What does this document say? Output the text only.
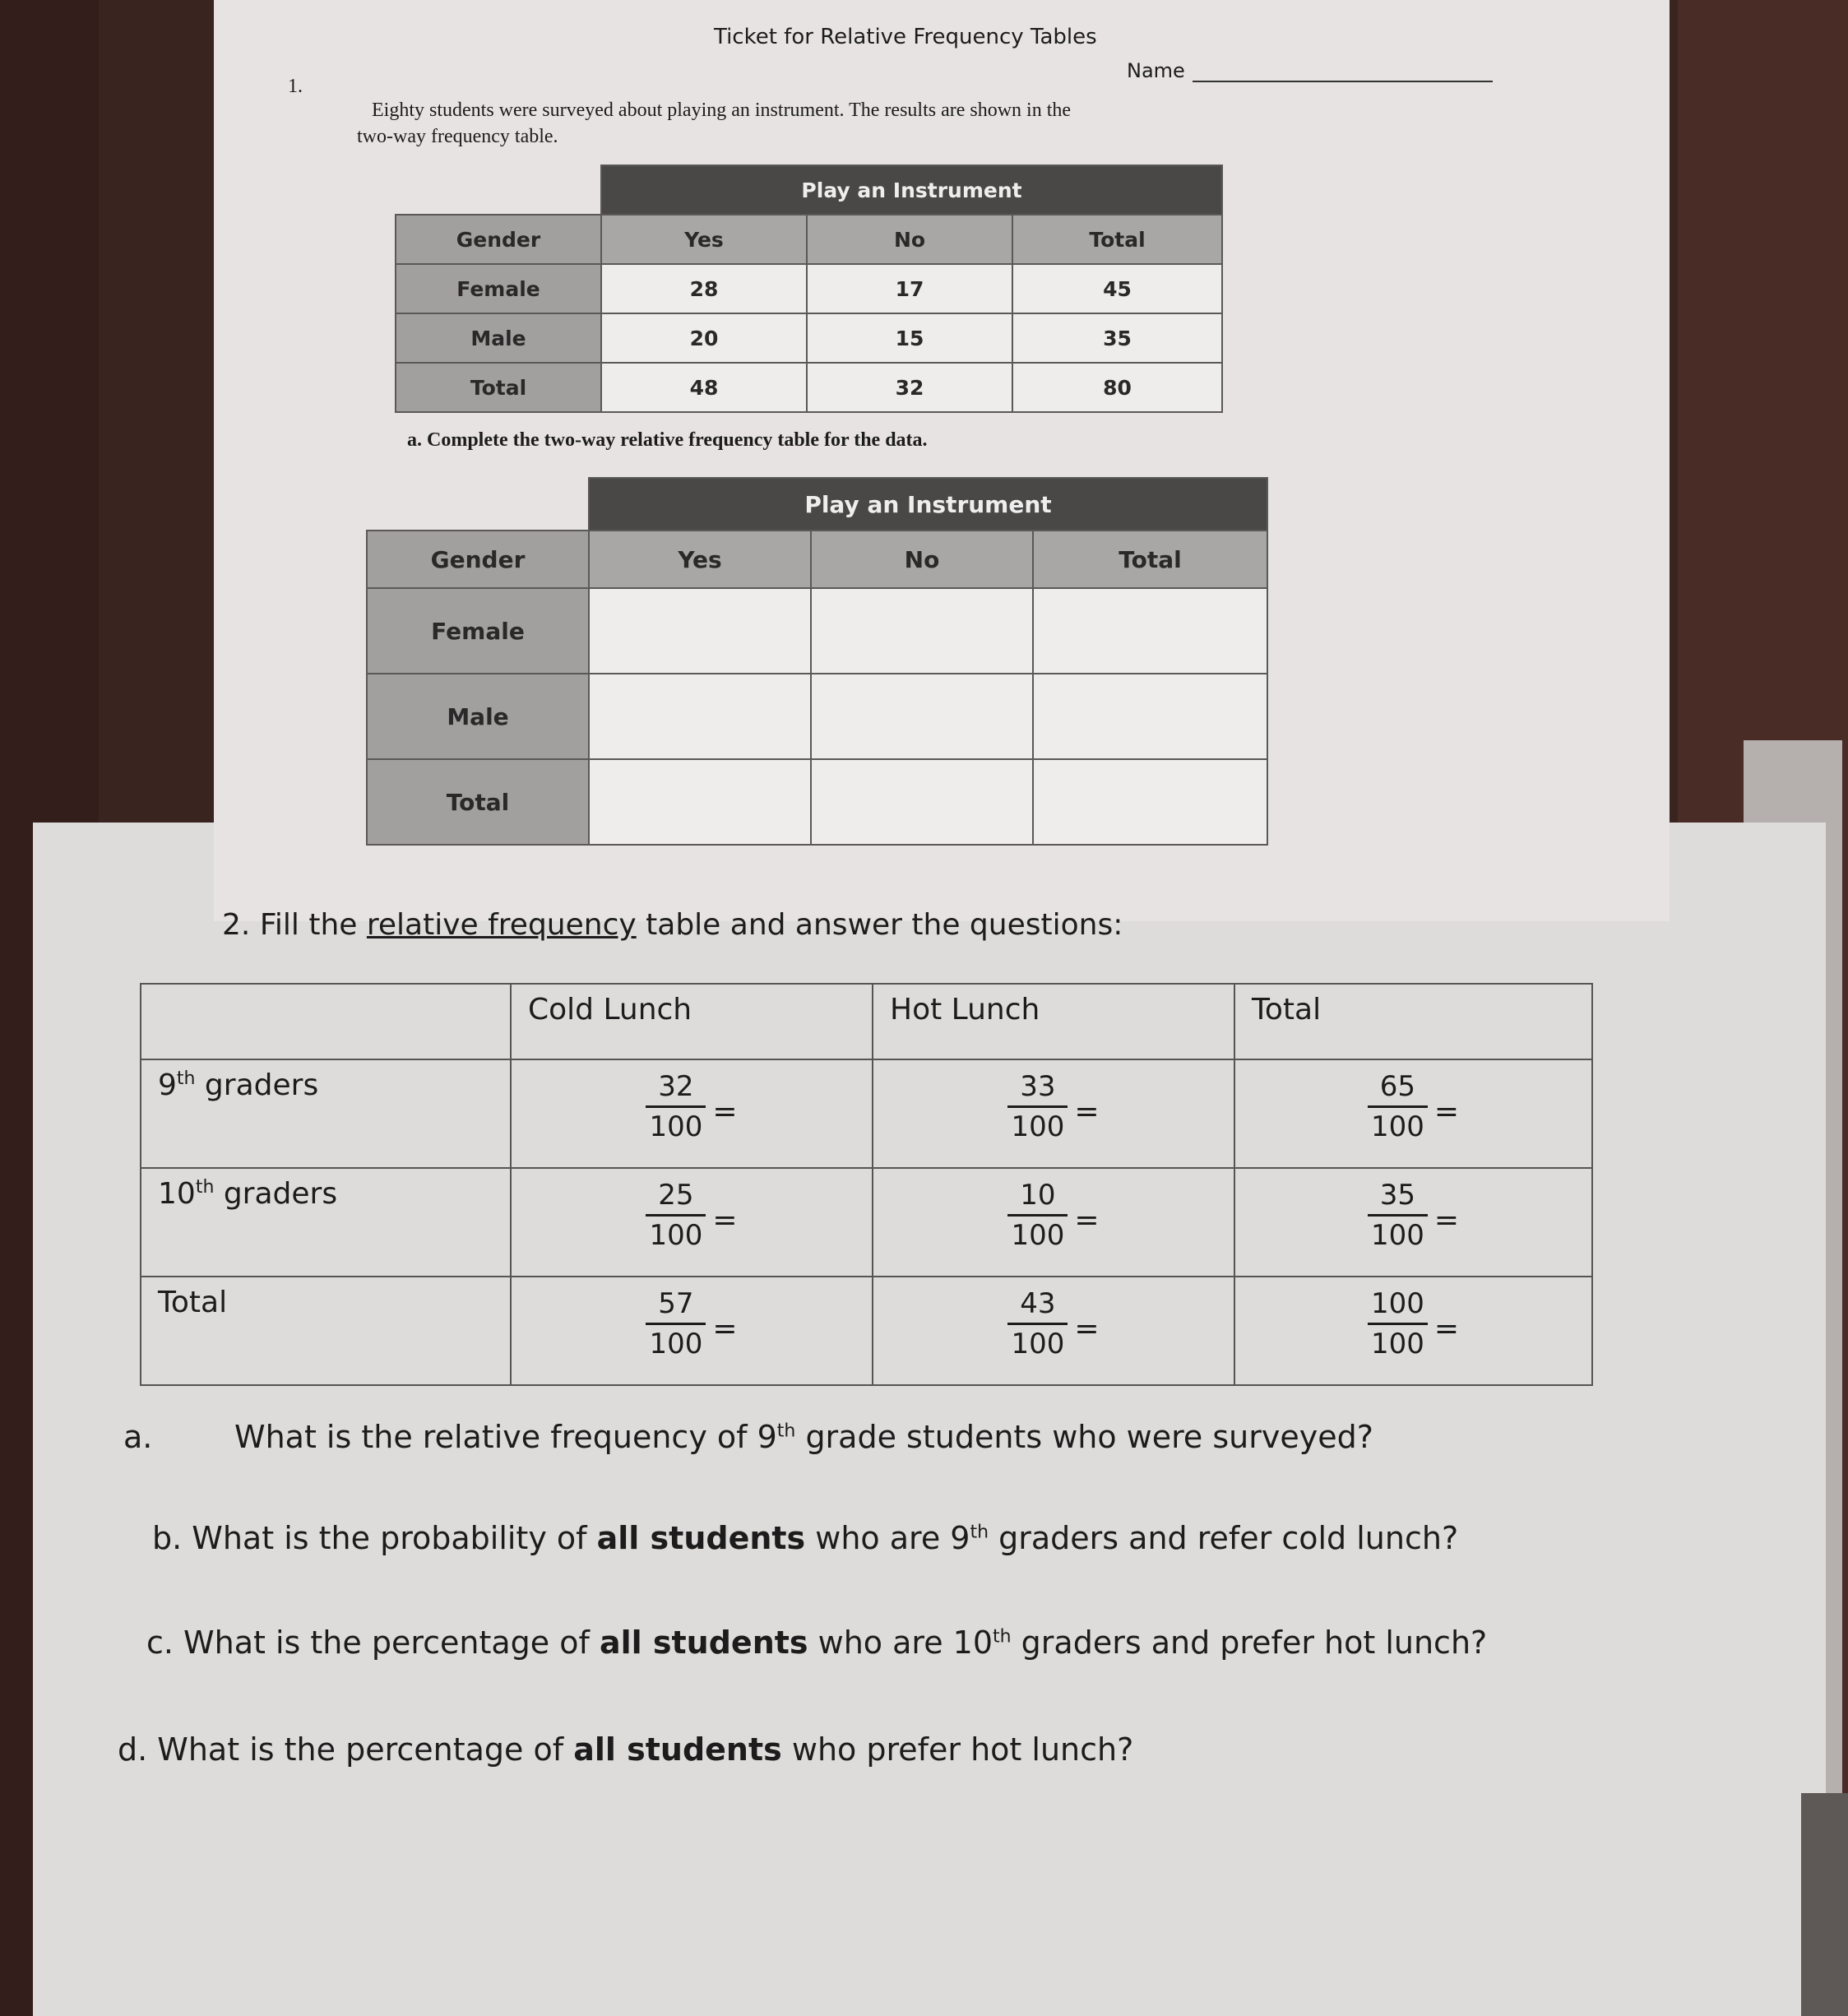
Ticket for Relative Frequency Tables
Name
1.
Eighty students were surveyed about playing an instrument. The results are shown in the
two-way frequency table.
	Play an Instrument		
Gender	Yes	No	Total
Female	28	17	45
Male	20	15	35
Total	48	32	80
a. Complete the two-way relative frequency table for the data.
	Play an Instrument		
Gender	Yes	No	Total
Female			
Male			
Total			
2. Fill the relative frequency table and answer the questions:
	Cold Lunch	Hot Lunch	Total
9th graders	$\frac{32}{100}$ =	$\frac{33}{100}$ =	$\frac{65}{100}$ =

10th graders	$\frac{25}{100}$ =	$\frac{10}{100}$ =	$\frac{35}{100}$ =

Total	$\frac{57}{100}$ =	$\frac{43}{100}$ =	$\frac{100}{100}$ =
a.	What is the relative frequency of 9th grade students who were surveyed?
b. What is the probability of all students who are 9th graders and refer cold lunch?
c. What is the percentage of all students who are 10th graders and prefer hot lunch?
d. What is the percentage of all students who prefer hot lunch?
